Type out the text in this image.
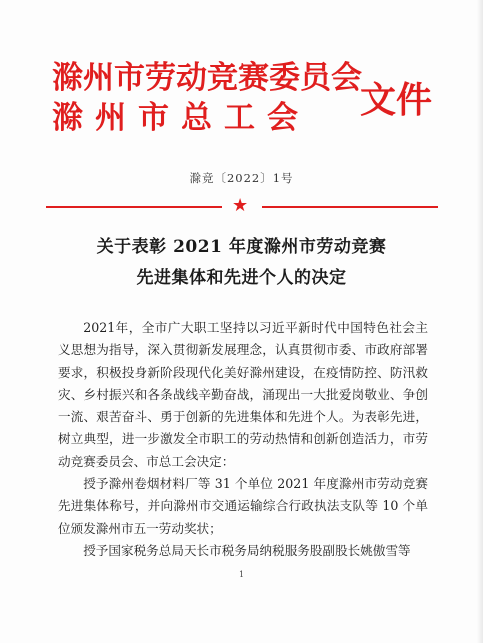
滁州市劳动竞赛委员会
滁州市总工会 文件
滁竞〔2022〕1号
★
关于表彰 2021 年度滁州市劳动竞赛
先进集体和先进个人的决定

2021年，全市广大职工坚持以习近平新时代中国特色社会主义思想为指导，深入贯彻新发展理念，认真贯彻市委、市政府部署要求，积极投身新阶段现代化美好滁州建设，在疫情防控、防汛救灾、乡村振兴和各条战线辛勤奋战，涌现出一大批爱岗敬业、争创一流、艰苦奋斗、勇于创新的先进集体和先进个人。为表彰先进，树立典型，进一步激发全市职工的劳动热情和创新创造活力，市劳动竞赛委员会、市总工会决定：

授予滁州卷烟材料厂等 31 个单位 2021 年度滁州市劳动竞赛先进集体称号，并向滁州市交通运输综合行政执法支队等 10 个单位颁发滁州市五一劳动奖状；

授予国家税务总局天长市税务局纳税服务股副股长姚傲雪等

1
